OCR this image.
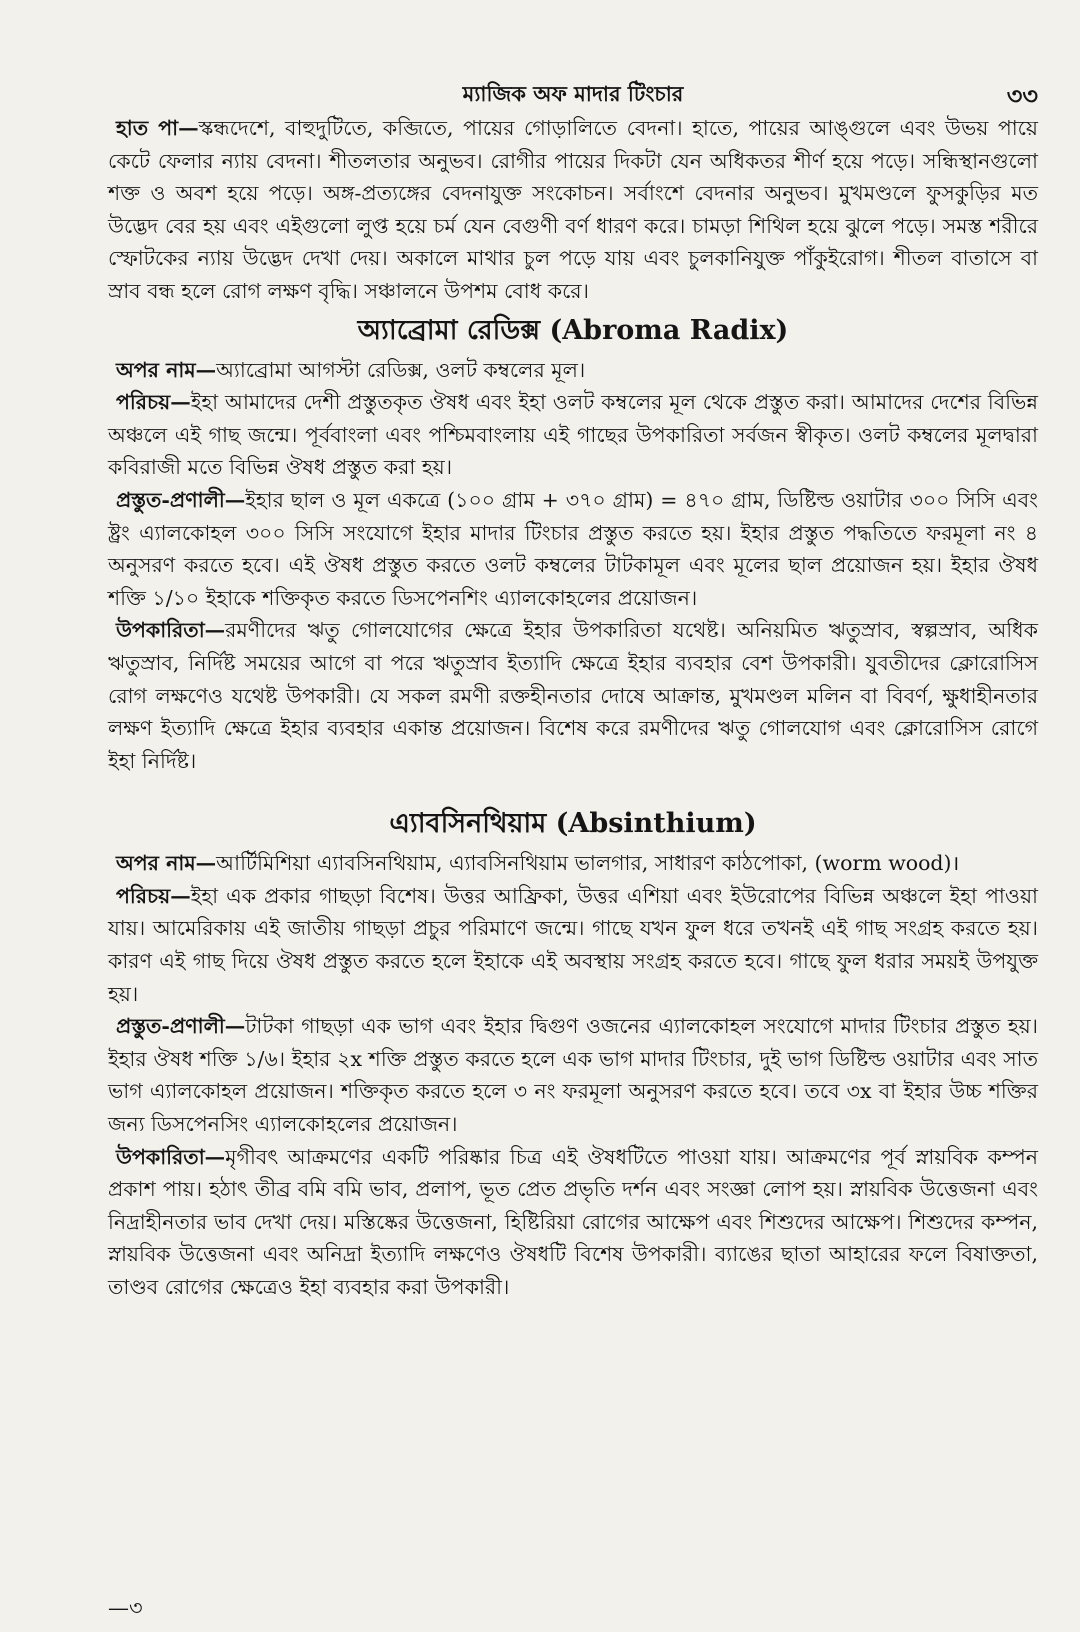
ম্যাজিক অফ মাদার টিংচার	৩৩

হাত পা—স্কন্ধদেশে, বাহুদুটিতে, কব্জিতে, পায়ের গোড়ালিতে বেদনা। হাতে, পায়ের আঙ্গুলে এবং উভয় পায়ে কেটে ফেলার ন্যায় বেদনা। শীতলতার অনুভব। রোগীর পায়ের দিকটা যেন অধিকতর শীর্ণ হয়ে পড়ে। সন্ধিস্থানগুলো শক্ত ও অবশ হয়ে পড়ে। অঙ্গ-প্রত্যঙ্গের বেদনাযুক্ত সংকোচন। সর্বাংশে বেদনার অনুভব। মুখমণ্ডলে ফুসকুড়ির মত উদ্ভেদ বের হয় এবং এইগুলো লুপ্ত হয়ে চর্ম যেন বেগুণী বর্ণ ধারণ করে। চামড়া শিথিল হয়ে ঝুলে পড়ে। সমস্ত শরীরে স্ফোটকের ন্যায় উদ্ভেদ দেখা দেয়। অকালে মাথার চুল পড়ে যায় এবং চুলকানিযুক্ত পাঁকুইরোগ। শীতল বাতাসে বা স্রাব বন্ধ হলে রোগ লক্ষণ বৃদ্ধি। সঞ্চালনে উপশম বোধ করে।

অ্যাব্রোমা রেডিক্স (Abroma Radix)

অপর নাম—অ্যাব্রোমা আগস্টা রেডিক্স, ওলট কম্বলের মূল।

পরিচয়—ইহা আমাদের দেশী প্রস্তুতকৃত ঔষধ এবং ইহা ওলট কম্বলের মূল থেকে প্রস্তুত করা। আমাদের দেশের বিভিন্ন অঞ্চলে এই গাছ জন্মে। পূর্ববাংলা এবং পশ্চিমবাংলায় এই গাছের উপকারিতা সর্বজন স্বীকৃত। ওলট কম্বলের মূলদ্বারা কবিরাজী মতে বিভিন্ন ঔষধ প্রস্তুত করা হয়।

প্রস্তুত-প্রণালী—ইহার ছাল ও মূল একত্রে (১০০ গ্রাম + ৩৭০ গ্রাম) = ৪৭০ গ্রাম, ডিষ্টিল্ড ওয়াটার ৩০০ সিসি এবং ষ্ট্রং এ্যালকোহল ৩০০ সিসি সংযোগে ইহার মাদার টিংচার প্রস্তুত করতে হয়। ইহার প্রস্তুত পদ্ধতিতে ফরমূলা নং ৪ অনুসরণ করতে হবে। এই ঔষধ প্রস্তুত করতে ওলট কম্বলের টাটকামূল এবং মূলের ছাল প্রয়োজন হয়। ইহার ঔষধ শক্তি ১/১০ ইহাকে শক্তিকৃত করতে ডিসপেনশিং এ্যালকোহলের প্রয়োজন।

উপকারিতা—রমণীদের ঋতু গোলযোগের ক্ষেত্রে ইহার উপকারিতা যথেষ্ট। অনিয়মিত ঋতুস্রাব, স্বল্পস্রাব, অধিক ঋতুস্রাব, নির্দিষ্ট সময়ের আগে বা পরে ঋতুস্রাব ইত্যাদি ক্ষেত্রে ইহার ব্যবহার বেশ উপকারী। যুবতীদের ক্লোরোসিস রোগ লক্ষণেও যথেষ্ট উপকারী। যে সকল রমণী রক্তহীনতার দোষে আক্রান্ত, মুখমণ্ডল মলিন বা বিবর্ণ, ক্ষুধাহীনতার লক্ষণ ইত্যাদি ক্ষেত্রে ইহার ব্যবহার একান্ত প্রয়োজন। বিশেষ করে রমণীদের ঋতু গোলযোগ এবং ক্লোরোসিস রোগে ইহা নির্দিষ্ট।

এ্যাবসিনথিয়াম (Absinthium)

অপর নাম—আর্টিমিশিয়া এ্যাবসিনথিয়াম, এ্যাবসিনথিয়াম ভালগার, সাধারণ কাঠপোকা, (worm wood)।

পরিচয়—ইহা এক প্রকার গাছড়া বিশেষ। উত্তর আফ্রিকা, উত্তর এশিয়া এবং ইউরোপের বিভিন্ন অঞ্চলে ইহা পাওয়া যায়। আমেরিকায় এই জাতীয় গাছড়া প্রচুর পরিমাণে জন্মে। গাছে যখন ফুল ধরে তখনই এই গাছ সংগ্রহ করতে হয়। কারণ এই গাছ দিয়ে ঔষধ প্রস্তুত করতে হলে ইহাকে এই অবস্থায় সংগ্রহ করতে হবে। গাছে ফুল ধরার সময়ই উপযুক্ত হয়।

প্রস্তুত-প্রণালী—টাটকা গাছড়া এক ভাগ এবং ইহার দ্বিগুণ ওজনের এ্যালকোহল সংযোগে মাদার টিংচার প্রস্তুত হয়। ইহার ঔষধ শক্তি ১/৬। ইহার ২x শক্তি প্রস্তুত করতে হলে এক ভাগ মাদার টিংচার, দুই ভাগ ডিষ্টিল্ড ওয়াটার এবং সাত ভাগ এ্যালকোহল প্রয়োজন। শক্তিকৃত করতে হলে ৩ নং ফরমূলা অনুসরণ করতে হবে। তবে ৩x বা ইহার উচ্চ শক্তির জন্য ডিসপেনসিং এ্যালকোহলের প্রয়োজন।

উপকারিতা—মৃগীবৎ আক্রমণের একটি পরিষ্কার চিত্র এই ঔষধটিতে পাওয়া যায়। আক্রমণের পূর্ব স্নায়বিক কম্পন প্রকাশ পায়। হঠাৎ তীব্র বমি বমি ভাব, প্রলাপ, ভূত প্রেত প্রভৃতি দর্শন এবং সংজ্ঞা লোপ হয়। স্নায়বিক উত্তেজনা এবং নিদ্রাহীনতার ভাব দেখা দেয়। মস্তিষ্কের উত্তেজনা, হিষ্টিরিয়া রোগের আক্ষেপ এবং শিশুদের আক্ষেপ। শিশুদের কম্পন, স্নায়বিক উত্তেজনা এবং অনিদ্রা ইত্যাদি লক্ষণেও ঔষধটি বিশেষ উপকারী। ব্যাঙের ছাতা আহারের ফলে বিষাক্ততা, তাণ্ডব রোগের ক্ষেত্রেও ইহা ব্যবহার করা উপকারী।

—৩
